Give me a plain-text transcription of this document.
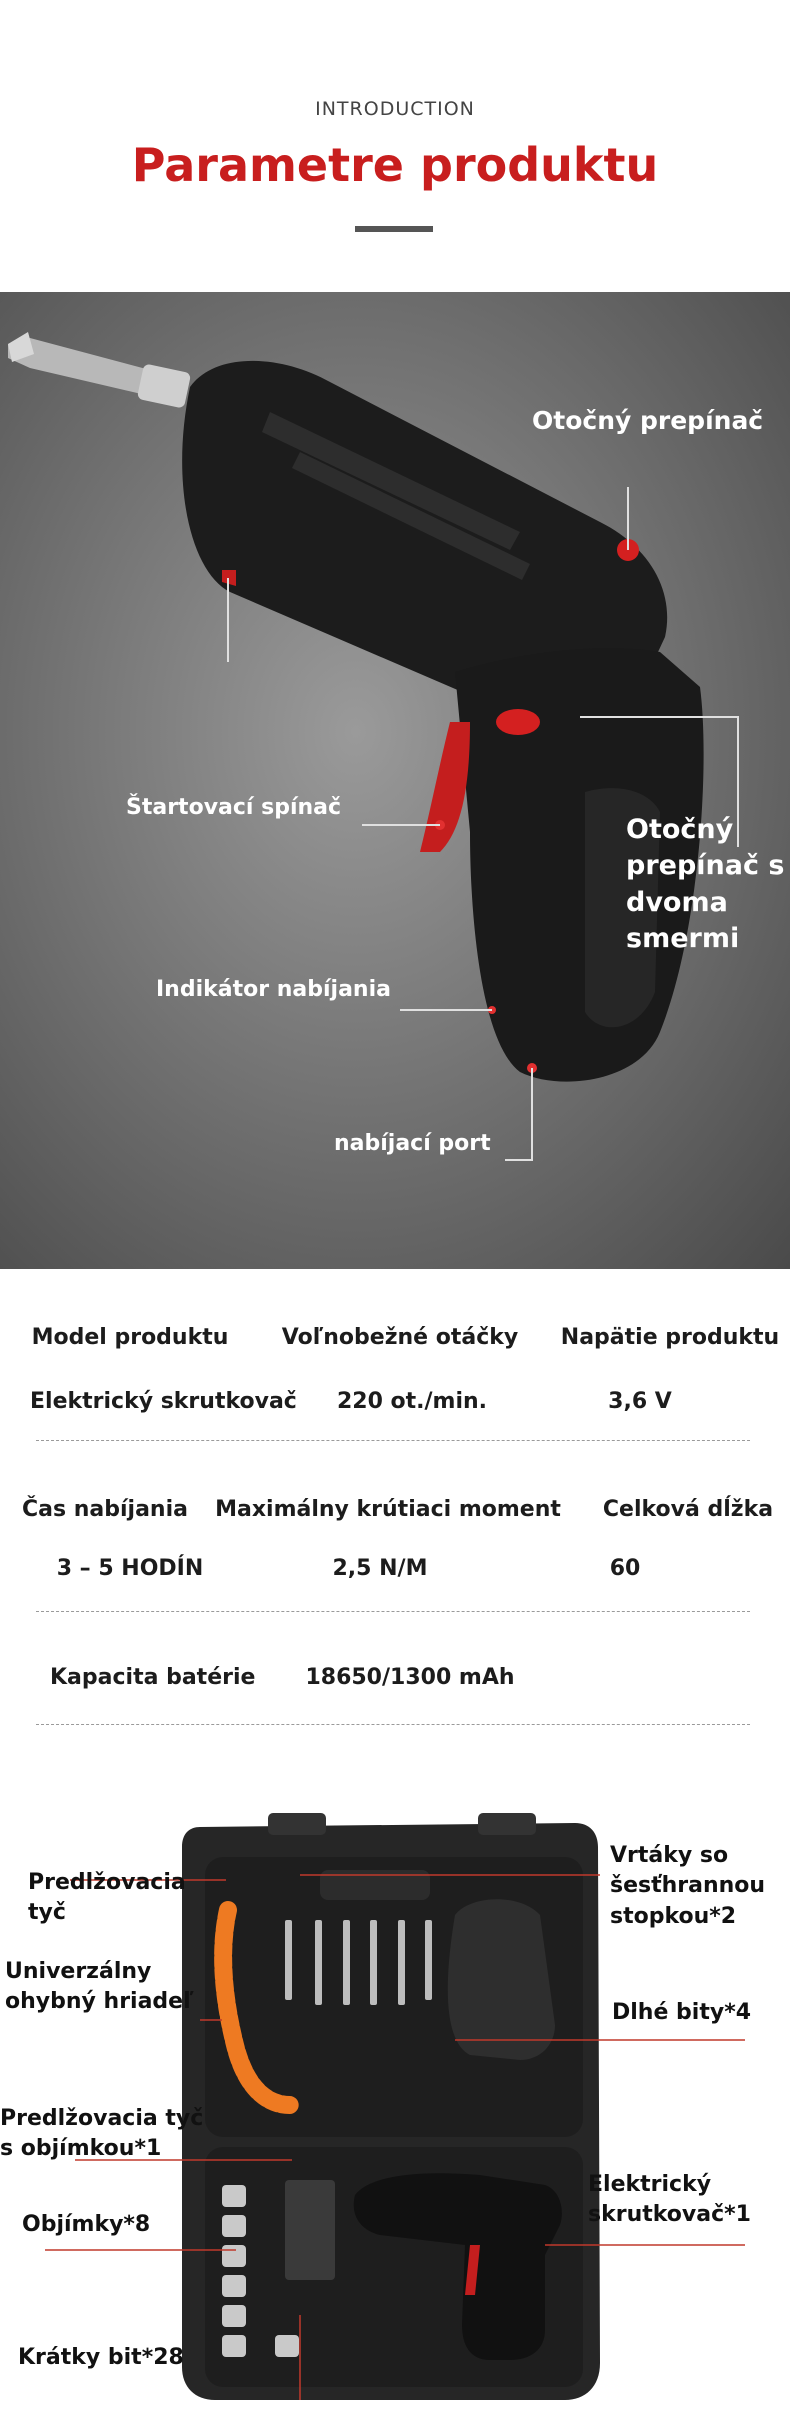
INTRODUCTION
Parametre produktu
Otočný prepínač
Štartovací spínač
Otočný prepínač s dvoma smermi
Indikátor nabíjania
nabíjací port
Model produktu	Voľnobežné otáčky	Napätie produktu
Elektrický skrutkovač	220 ot./min.	3,6 V
Čas nabíjania	Maximálny krútiaci moment	Celková dĺžka
3 – 5 HODÍN	2,5 N/M	60
Kapacita batérie 18650/1300 mAh
Predlžovacia tyč
Univerzálny ohybný hriadeľ
Predlžovacia tyč s objímkou*1
Objímky*8
Krátky bit*28
Vrtáky so šesťhrannou stopkou*2
Dlhé bity*4
Elektrický skrutkovač*1
